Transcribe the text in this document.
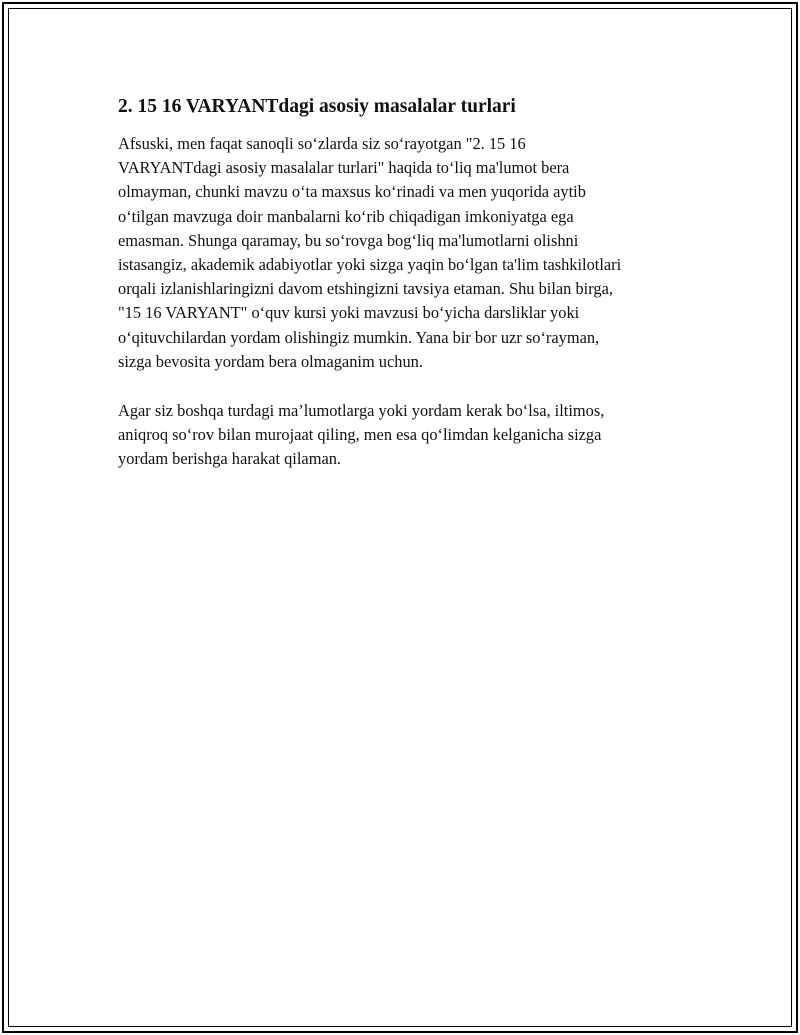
2. 15 16 VARYANTdagi asosiy masalalar turlari

Afsuski, men faqat sanoqli so‘zlarda siz so‘rayotgan "2. 15 16
VARYANTdagi asosiy masalalar turlari" haqida to‘liq ma'lumot bera
olmayman, chunki mavzu o‘ta maxsus ko‘rinadi va men yuqorida aytib
o‘tilgan mavzuga doir manbalarni ko‘rib chiqadigan imkoniyatga ega
emasman. Shunga qaramay, bu so‘rovga bog‘liq ma'lumotlarni olishni
istasangiz, akademik adabiyotlar yoki sizga yaqin bo‘lgan ta'lim tashkilotlari
orqali izlanishlaringizni davom etshingizni tavsiya etaman. Shu bilan birga,
"15 16 VARYANT" o‘quv kursi yoki mavzusi bo‘yicha darsliklar yoki
o‘qituvchilardan yordam olishingiz mumkin. Yana bir bor uzr so‘rayman,
sizga bevosita yordam bera olmaganim uchun.

Agar siz boshqa turdagi ma’lumotlarga yoki yordam kerak bo‘lsa, iltimos,
aniqroq so‘rov bilan murojaat qiling, men esa qo‘limdan kelganicha sizga
yordam berishga harakat qilaman.
